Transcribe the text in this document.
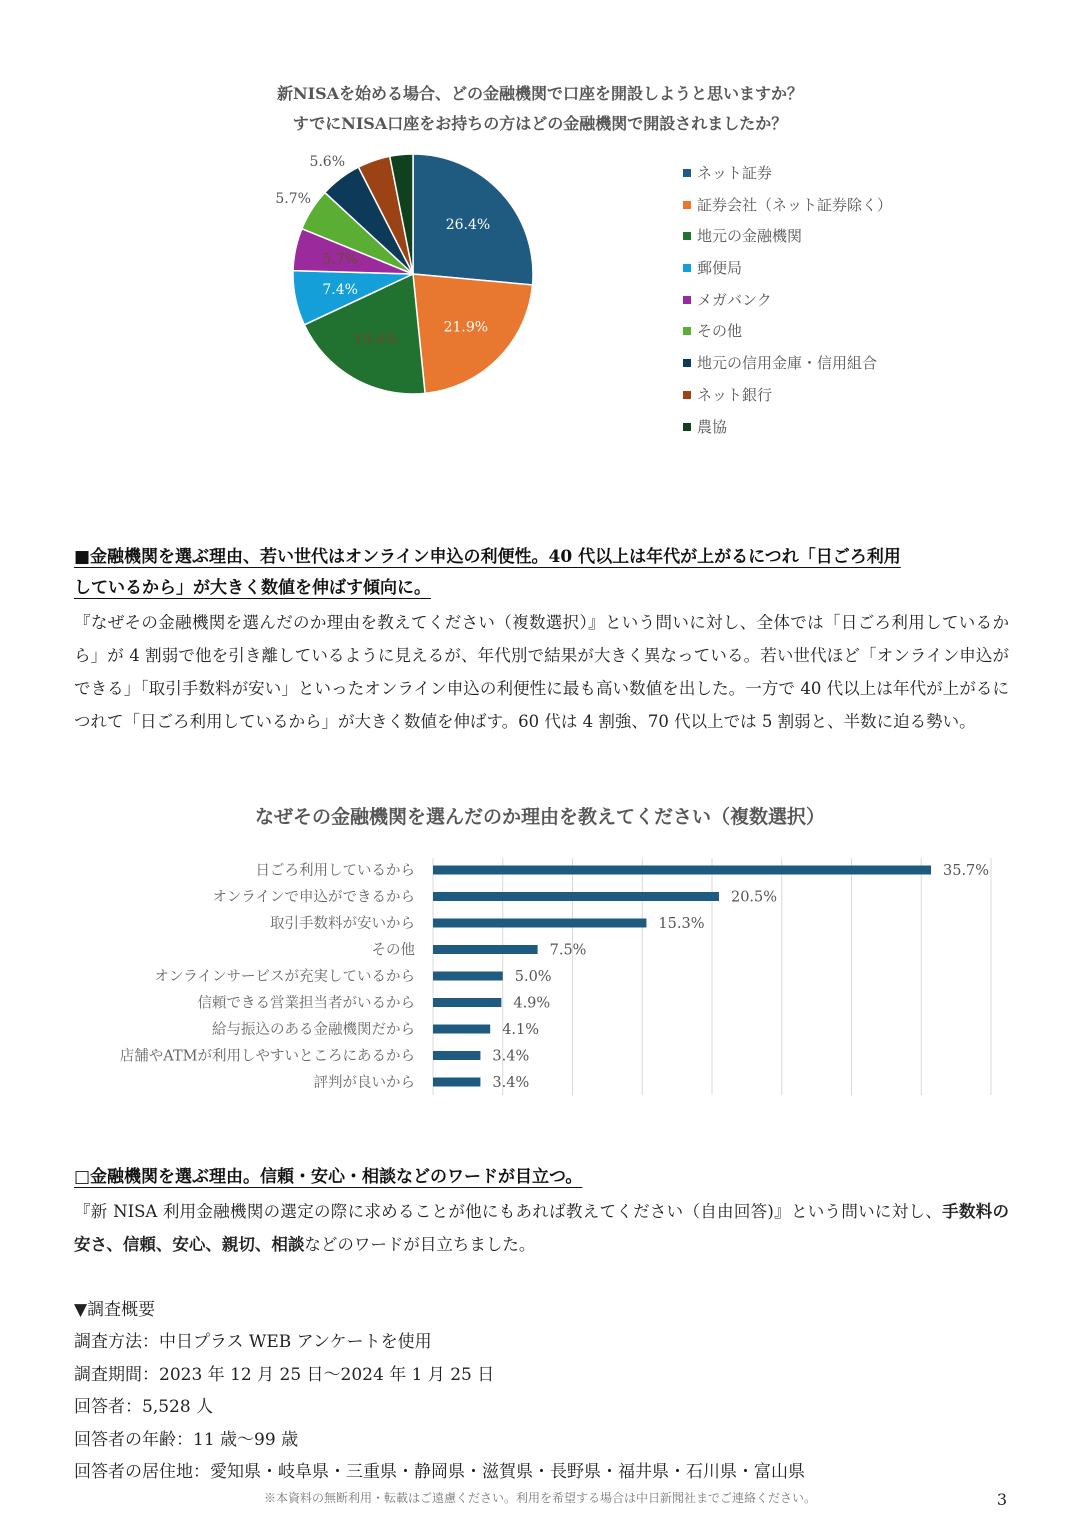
新NISAを始める場合、どの金融機関で口座を開設しようと思いますか？
すでにNISA口座をお持ちの方はどの金融機関で開設されましたか？
26.4%
21.9%
19.6%
7.4%
5.7%
5.7%
5.6%
ネット証券
証券会社（ネット証券除く）
地元の金融機関
郵便局
メガバンク
その他
地元の信用金庫・信用組合
ネット銀行
農協
■金融機関を選ぶ理由、若い世代はオンライン申込の利便性。40 代以上は年代が上がるにつれ「日ごろ利用
しているから」が大きく数値を伸ばす傾向に。
『なぜその金融機関を選んだのか理由を教えてください（複数選択）』という問いに対し、全体では「日ごろ利用しているから」が 4 割弱で他を引き離しているように見えるが、年代別で結果が大きく異なっている。若い世代ほど「オンライン申込ができる」「取引手数料が安い」といったオンライン申込の利便性に最も高い数値を出した。一方で 40 代以上は年代が上がるにつれて「日ごろ利用しているから」が大きく数値を伸ばす。60 代は 4 割強、70 代以上では 5 割弱と、半数に迫る勢い。
なぜその金融機関を選んだのか理由を教えてください（複数選択）
日ごろ利用しているから	35.7%
オンラインで申込ができるから	20.5%
取引手数料が安いから	15.3%
その他	7.5%
オンラインサービスが充実しているから	5.0%
信頼できる営業担当者がいるから	4.9%
給与振込のある金融機関だから	4.1%
店舗やATMが利用しやすいところにあるから	3.4%
評判が良いから	3.4%
□金融機関を選ぶ理由。信頼・安心・相談などのワードが目立つ。
『新 NISA 利用金融機関の選定の際に求めることが他にもあれば教えてください（自由回答)』という問いに対し、手数料の安さ、信頼、安心、親切、相談などのワードが目立ちました。
▼調査概要
調査方法：中日プラス WEB アンケートを使用
調査期間：2023 年 12 月 25 日～2024 年 1 月 25 日
回答者：5,528 人
回答者の年齢：11 歳～99 歳
回答者の居住地：愛知県・岐阜県・三重県・静岡県・滋賀県・長野県・福井県・石川県・富山県
※本資料の無断利用・転載はご遠慮ください。利用を希望する場合は中日新聞社までご連絡ください。	3
